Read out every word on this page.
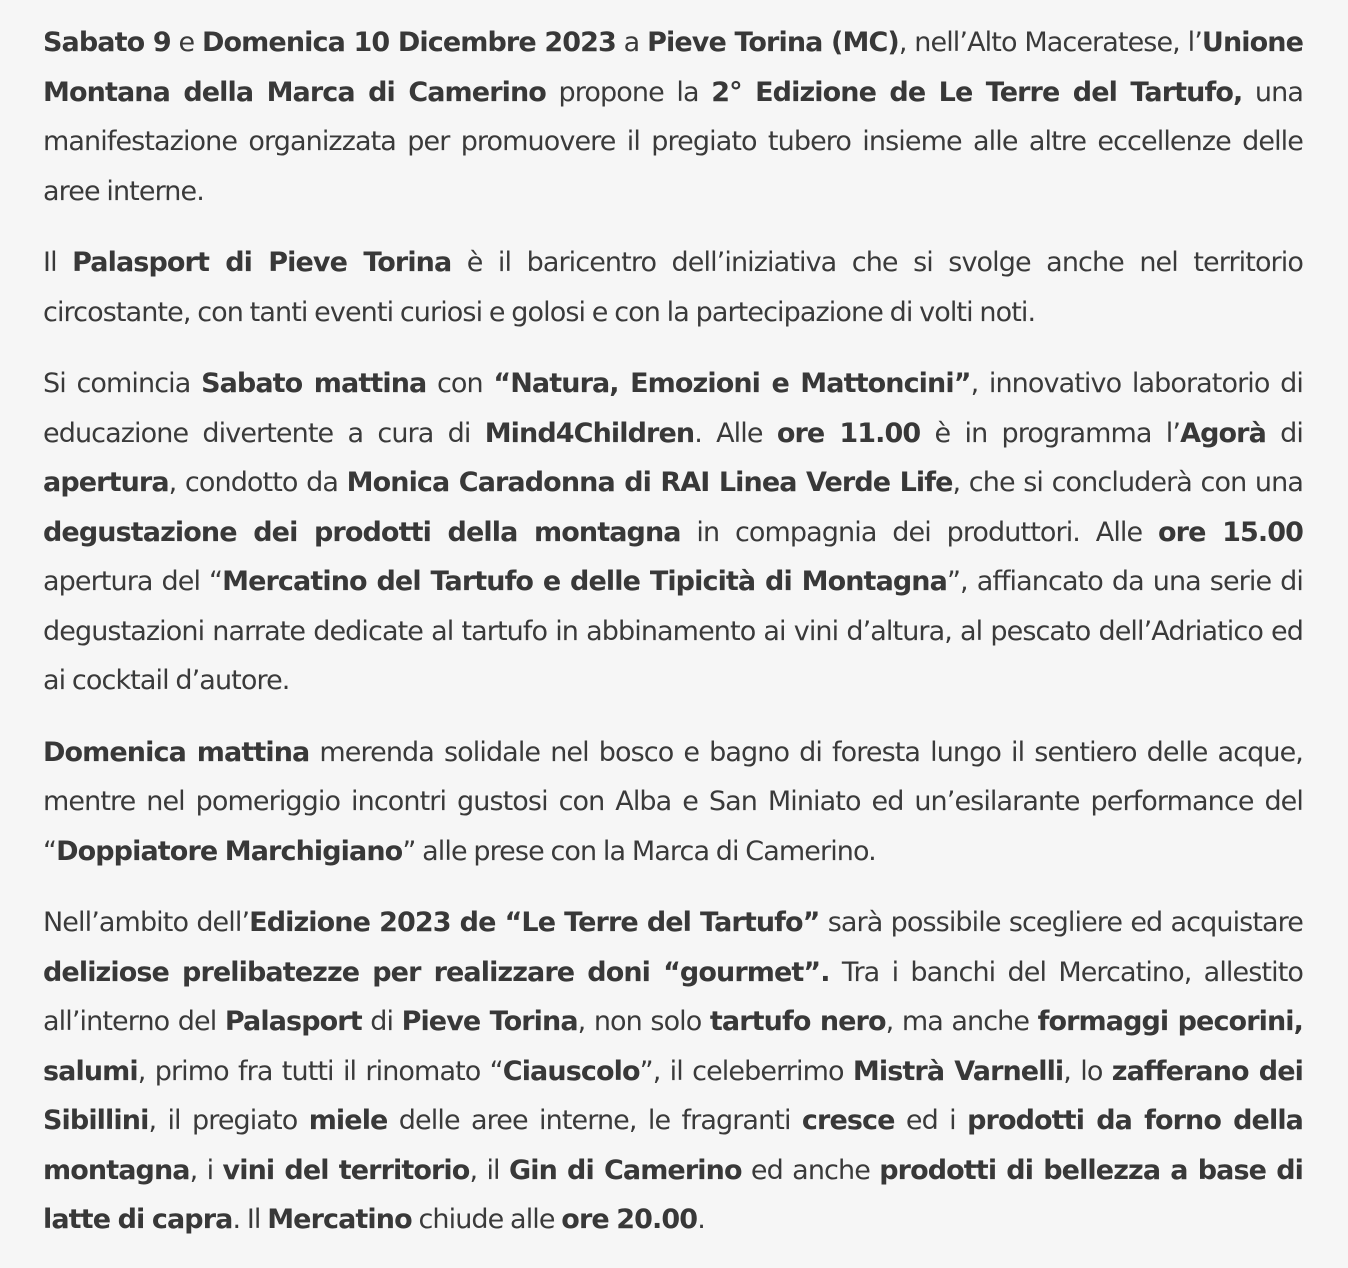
Sabato 9 e Domenica 10 Dicembre 2023 a Pieve Torina (MC), nell’Alto Maceratese, l’Unione Montana della Marca di Camerino propone la 2° Edizione de Le Terre del Tartufo, una manifestazione organizzata per promuovere il pregiato tubero insieme alle altre eccellenze delle aree interne.

Il Palasport di Pieve Torina è il baricentro dell’iniziativa che si svolge anche nel territorio circostante, con tanti eventi curiosi e golosi e con la partecipazione di volti noti.

Si comincia Sabato mattina con “Natura, Emozioni e Mattoncini”, innovativo laboratorio di educazione divertente a cura di Mind4Children. Alle ore 11.00 è in programma l’Agorà di apertura, condotto da Monica Caradonna di RAI Linea Verde Life, che si concluderà con una degustazione dei prodotti della montagna in compagnia dei produttori. Alle ore 15.00 apertura del “Mercatino del Tartufo e delle Tipicità di Montagna”, affiancato da una serie di degustazioni narrate dedicate al tartufo in abbinamento ai vini d’altura, al pescato dell’Adriatico ed ai cocktail d’autore.

Domenica mattina merenda solidale nel bosco e bagno di foresta lungo il sentiero delle acque, mentre nel pomeriggio incontri gustosi con Alba e San Miniato ed un’esilarante performance del “Doppiatore Marchigiano” alle prese con la Marca di Camerino.

Nell’ambito dell’Edizione 2023 de “Le Terre del Tartufo” sarà possibile scegliere ed acquistare deliziose prelibatezze per realizzare doni “gourmet”. Tra i banchi del Mercatino, allestito all’interno del Palasport di Pieve Torina, non solo tartufo nero, ma anche formaggi pecorini, salumi, primo fra tutti il rinomato “Ciauscolo”, il celeberrimo Mistrà Varnelli, lo zafferano dei Sibillini, il pregiato miele delle aree interne, le fragranti cresce ed i prodotti da forno della montagna, i vini del territorio, il Gin di Camerino ed anche prodotti di bellezza a base di latte di capra. Il Mercatino chiude alle ore 20.00.
